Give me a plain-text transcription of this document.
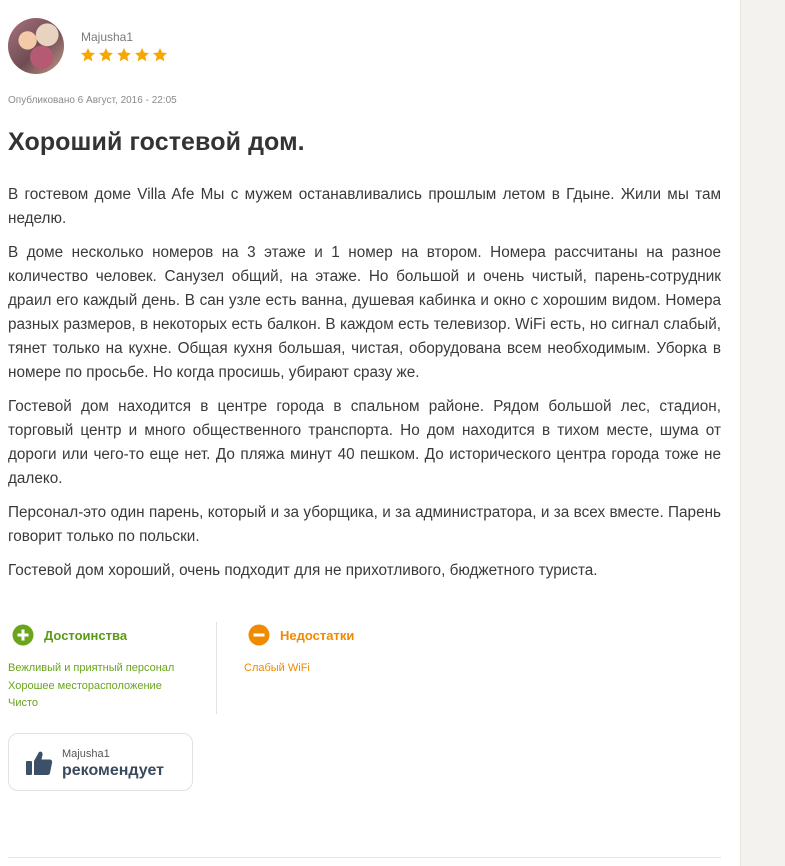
Majusha1
Опубликовано 6 Август, 2016 - 22:05
Хороший гостевой дом.

В гостевом доме Villa Afe Мы с мужем останавливались прошлым летом в Гдыне. Жили мы там неделю.

В доме несколько номеров на 3 этаже и 1 номер на втором. Номера рассчитаны на разное количество человек. Санузел общий, на этаже. Но большой и очень чистый, парень-сотрудник драил его каждый день. В сан узле есть ванна, душевая кабинка и окно с хорошим видом. Номера разных размеров, в некоторых есть балкон. В каждом есть телевизор. WiFi есть, но сигнал слабый, тянет только на кухне. Общая кухня большая, чистая, оборудована всем необходимым. Уборка в номере по просьбе. Но когда просишь, убирают сразу же.

Гостевой дом находится в центре города в спальном районе. Рядом большой лес, стадион, торговый центр и много общественного транспорта. Но дом находится в тихом месте, шума от дороги или чего-то еще нет. До пляжа минут 40 пешком. До исторического центра города тоже не далеко.

Персонал-это один парень, который и за уборщика, и за администратора, и за всех вместе. Парень говорит только по польски.

Гостевой дом хороший, очень подходит для не прихотливого, бюджетного туриста.

Достоинства
Вежливый и приятный персонал
Хорошее месторасположение
Чисто
Недостатки
Слабый WiFi
Majusha1
рекомендует
